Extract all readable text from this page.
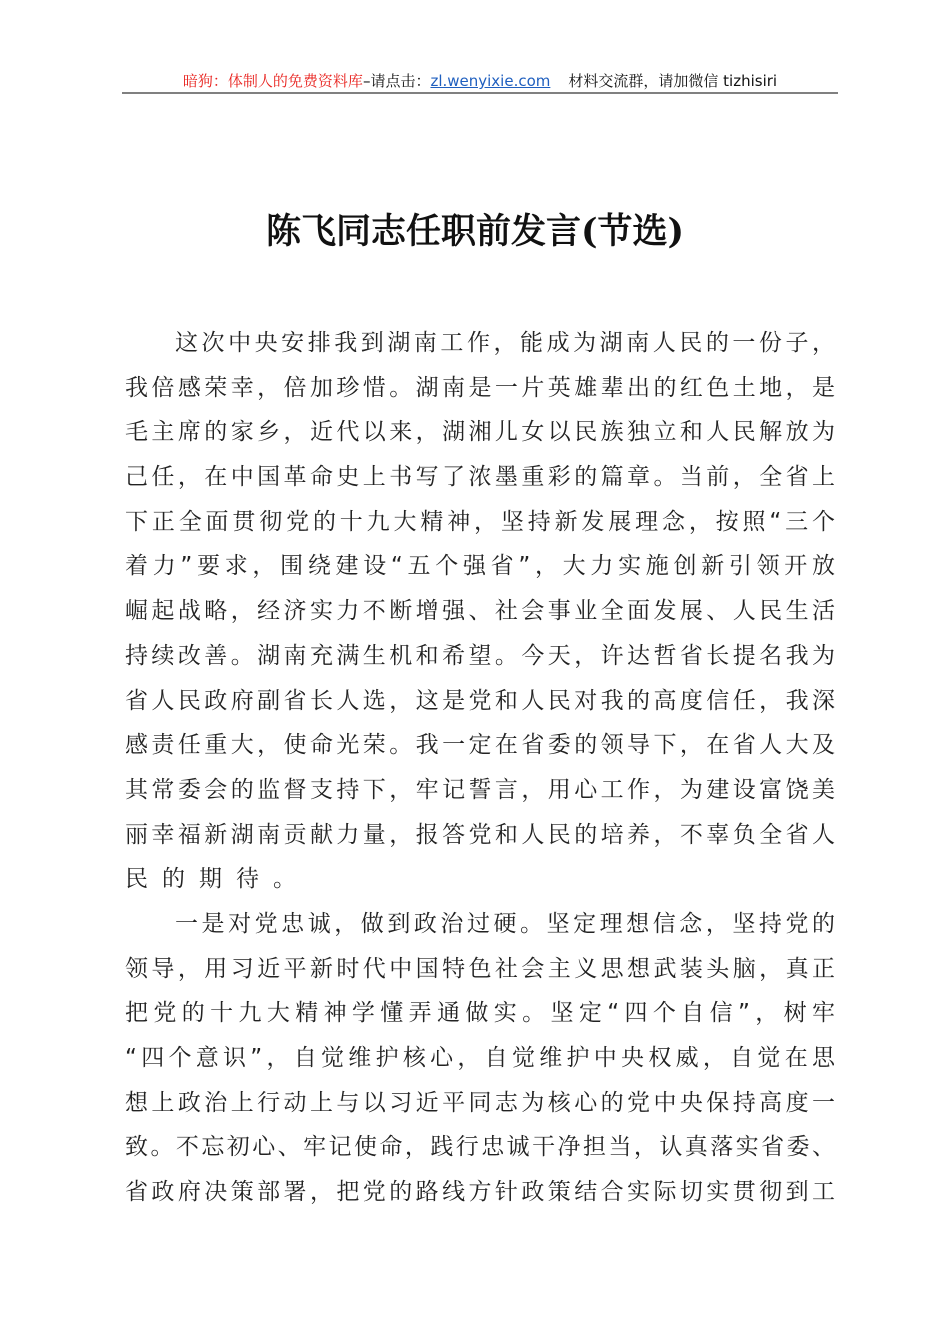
暗狗：体制人的免费资料库–请点击：zl.wenyixie.com 材料交流群，请加微信 tizhisiri
陈飞同志任职前发言(节选)
这次中央安排我到湖南工作，能成为湖南人民的一份子，
我倍感荣幸，倍加珍惜。湖南是一片英雄辈出的红色土地，是
毛主席的家乡，近代以来，湖湘儿女以民族独立和人民解放为
己任，在中国革命史上书写了浓墨重彩的篇章。当前，全省上
下正全面贯彻党的十九大精神，坚持新发展理念，按照“三个
着力”要求，围绕建设“五个强省”，大力实施创新引领开放
崛起战略，经济实力不断增强、社会事业全面发展、人民生活
持续改善。湖南充满生机和希望。今天，许达哲省长提名我为
省人民政府副省长人选，这是党和人民对我的高度信任，我深
感责任重大，使命光荣。我一定在省委的领导下，在省人大及
其常委会的监督支持下，牢记誓言，用心工作，为建设富饶美
丽幸福新湖南贡献力量，报答党和人民的培养，不辜负全省人
民的期待。
一是对党忠诚，做到政治过硬。坚定理想信念，坚持党的
领导，用习近平新时代中国特色社会主义思想武装头脑，真正
把党的十九大精神学懂弄通做实。坚定“四个自信”，树牢
“四个意识”，自觉维护核心，自觉维护中央权威，自觉在思
想上政治上行动上与以习近平同志为核心的党中央保持高度一
致。不忘初心、牢记使命，践行忠诚干净担当，认真落实省委、
省政府决策部署，把党的路线方针政策结合实际切实贯彻到工
